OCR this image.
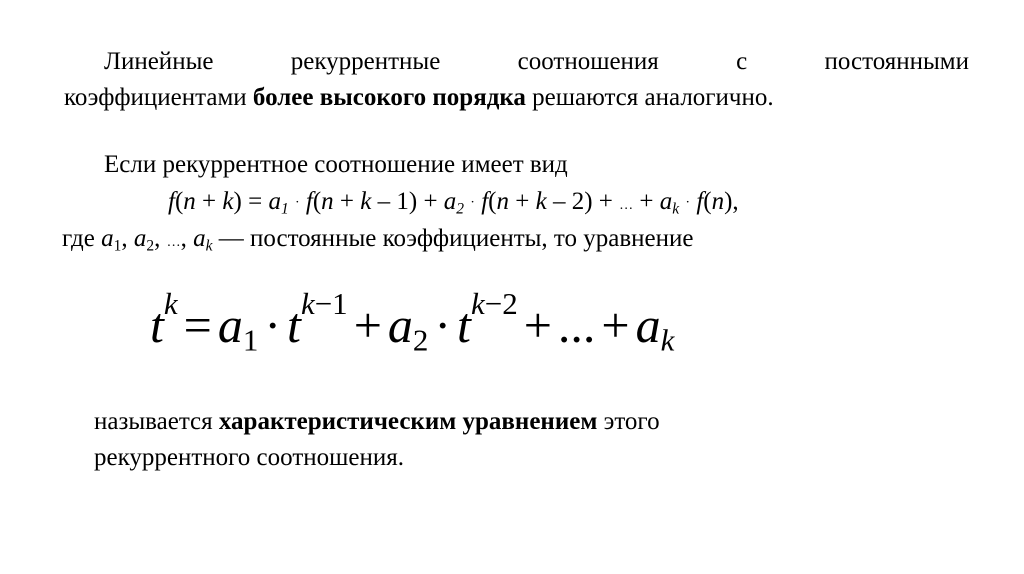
Линейные	рекуррентные	соотношения	с	постоянными
коэффициентами более высокого порядка решаются аналогично.
Если рекуррентное соотношение имеет вид
$f(n + k) = a_1 \cdot f(n + k - 1) + a_2 \cdot f(n + k - 2)$ + … + $a_k \cdot f(n)$,
где $a_1$, $a_2$, …, $a_k$ — постоянные коэффициенты, то уравнение
$t^k = a_1 \cdot t^{k-1} + a_2 \cdot t^{k-2}$ + ... + $a_k$
называется характеристическим уравнением этого рекуррентного соотношения.
